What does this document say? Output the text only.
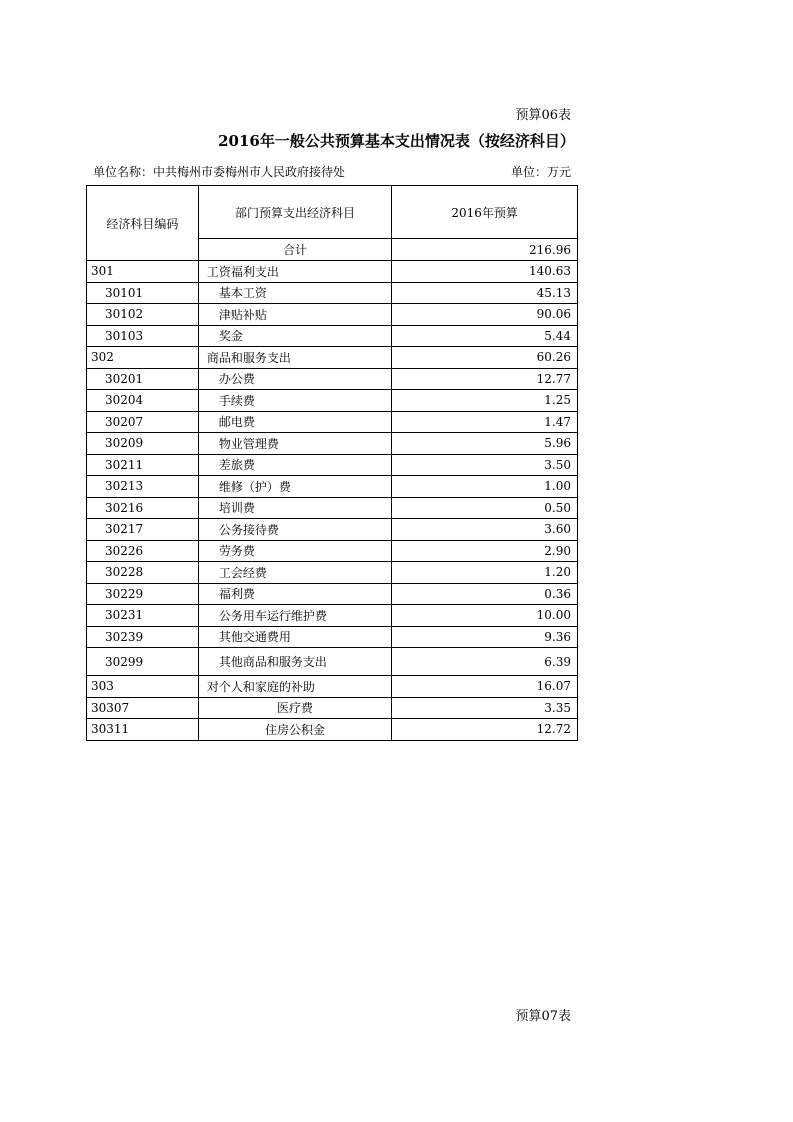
预算06表
2016年一般公共预算基本支出情况表（按经济科目）
单位名称：中共梅州市委梅州市人民政府接待处	单位：万元
经济科目编码	部门预算支出经济科目	2016年预算
	合计	216.96
301	工资福利支出	140.63
30101	基本工资	45.13
30102	津贴补贴	90.06
30103	奖金	5.44
302	商品和服务支出	60.26
30201	办公费	12.77
30204	手续费	1.25
30207	邮电费	1.47
30209	物业管理费	5.96
30211	差旅费	3.50
30213	维修（护）费	1.00
30216	培训费	0.50
30217	公务接待费	3.60
30226	劳务费	2.90
30228	工会经费	1.20
30229	福利费	0.36
30231	公务用车运行维护费	10.00
30239	其他交通费用	9.36
30299	其他商品和服务支出	6.39
303	对个人和家庭的补助	16.07
30307	医疗费	3.35
30311	住房公积金	12.72
预算07表
